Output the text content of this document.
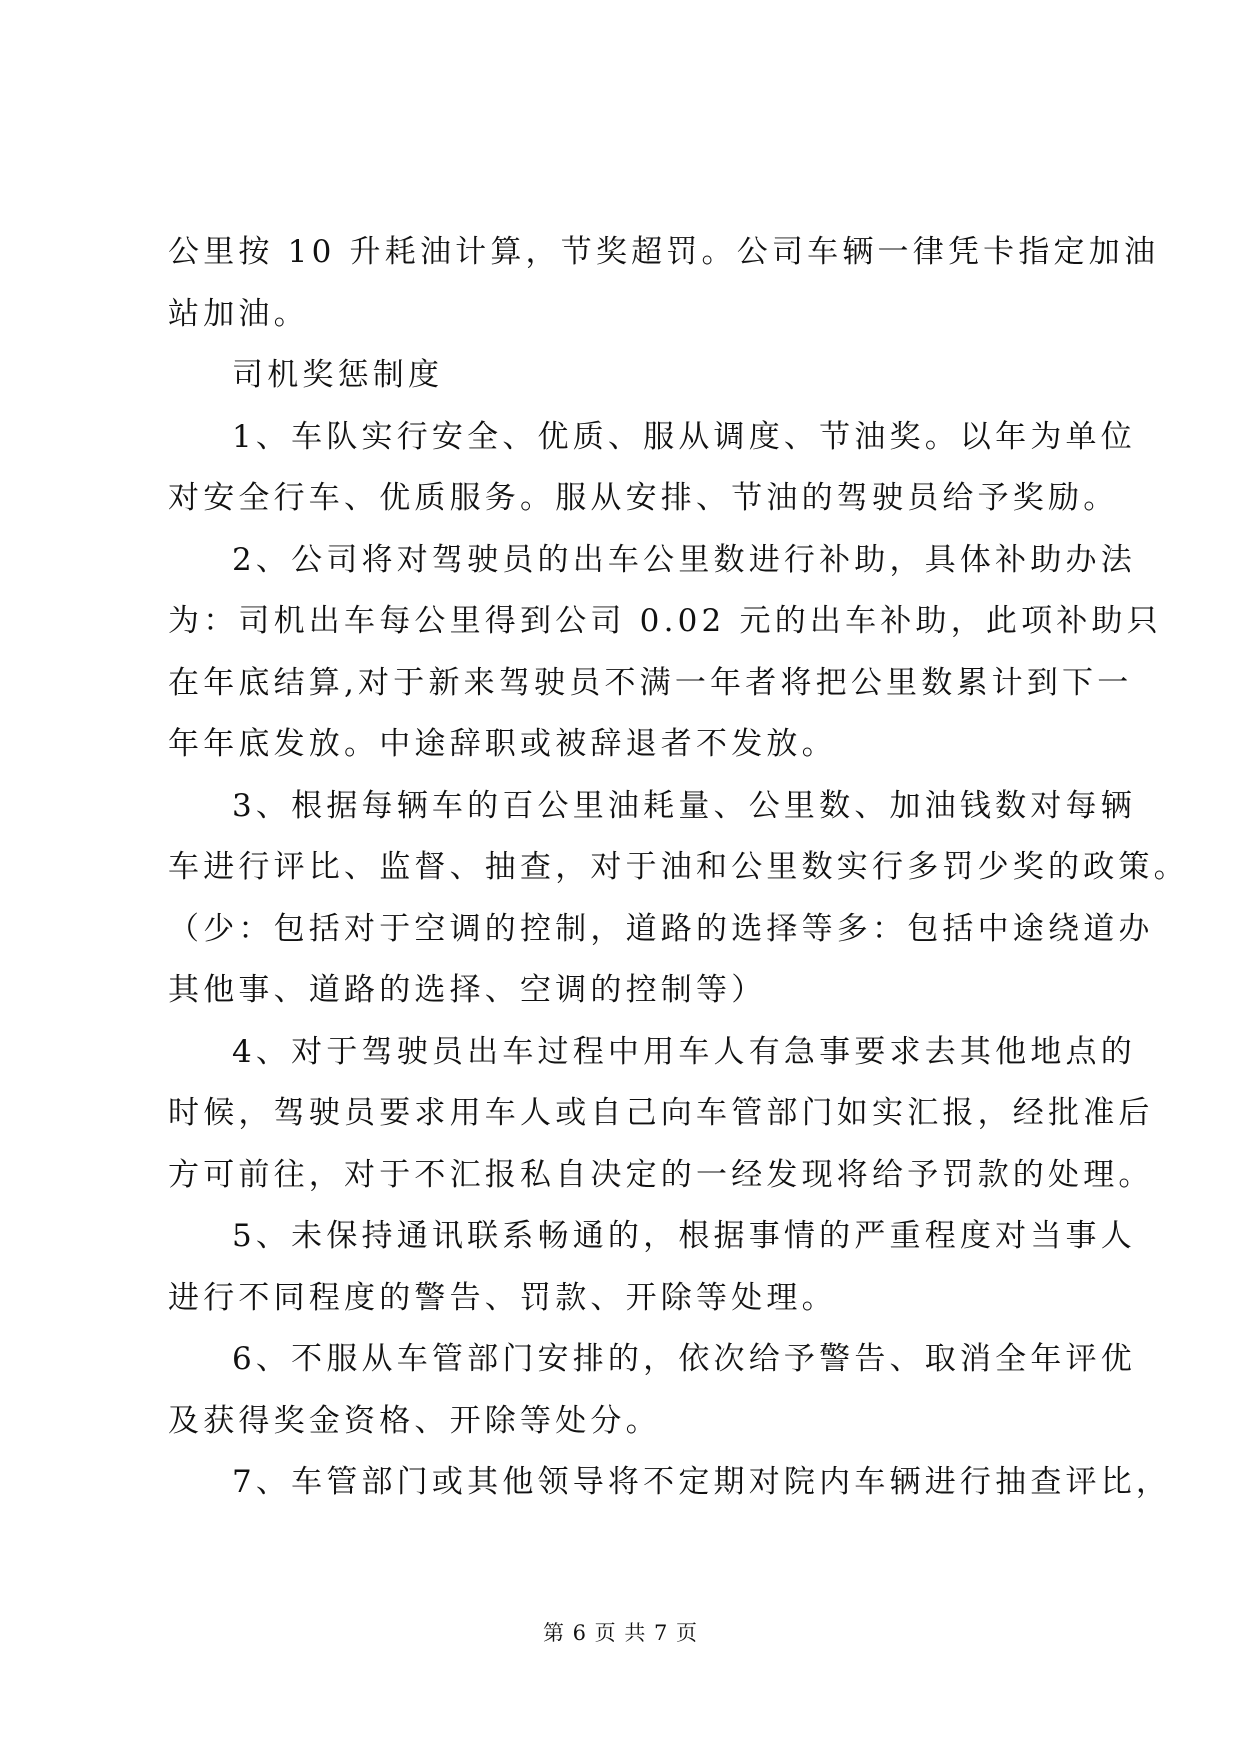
公里按 10 升耗油计算，节奖超罚。公司车辆一律凭卡指定加油
站加油。
司机奖惩制度
1、车队实行安全、优质、服从调度、节油奖。以年为单位
对安全行车、优质服务。服从安排、节油的驾驶员给予奖励。
2、公司将对驾驶员的出车公里数进行补助，具体补助办法
为：司机出车每公里得到公司 0.02 元的出车补助，此项补助只
在年底结算,对于新来驾驶员不满一年者将把公里数累计到下一
年年底发放。中途辞职或被辞退者不发放。
3、根据每辆车的百公里油耗量、公里数、加油钱数对每辆
车进行评比、监督、抽查，对于油和公里数实行多罚少奖的政策。
（少：包括对于空调的控制，道路的选择等多：包括中途绕道办
其他事、道路的选择、空调的控制等）
4、对于驾驶员出车过程中用车人有急事要求去其他地点的
时候，驾驶员要求用车人或自己向车管部门如实汇报，经批准后
方可前往，对于不汇报私自决定的一经发现将给予罚款的处理。
5、未保持通讯联系畅通的，根据事情的严重程度对当事人
进行不同程度的警告、罚款、开除等处理。
6、不服从车管部门安排的，依次给予警告、取消全年评优
及获得奖金资格、开除等处分。
7、车管部门或其他领导将不定期对院内车辆进行抽查评比，
第 6 页 共 7 页
